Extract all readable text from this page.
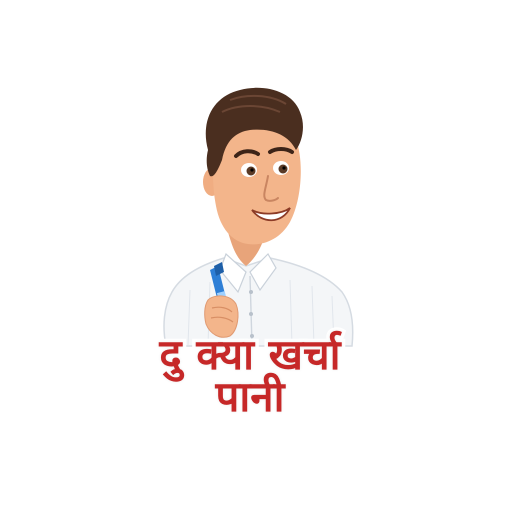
दु क्या खर्चा
पानी
